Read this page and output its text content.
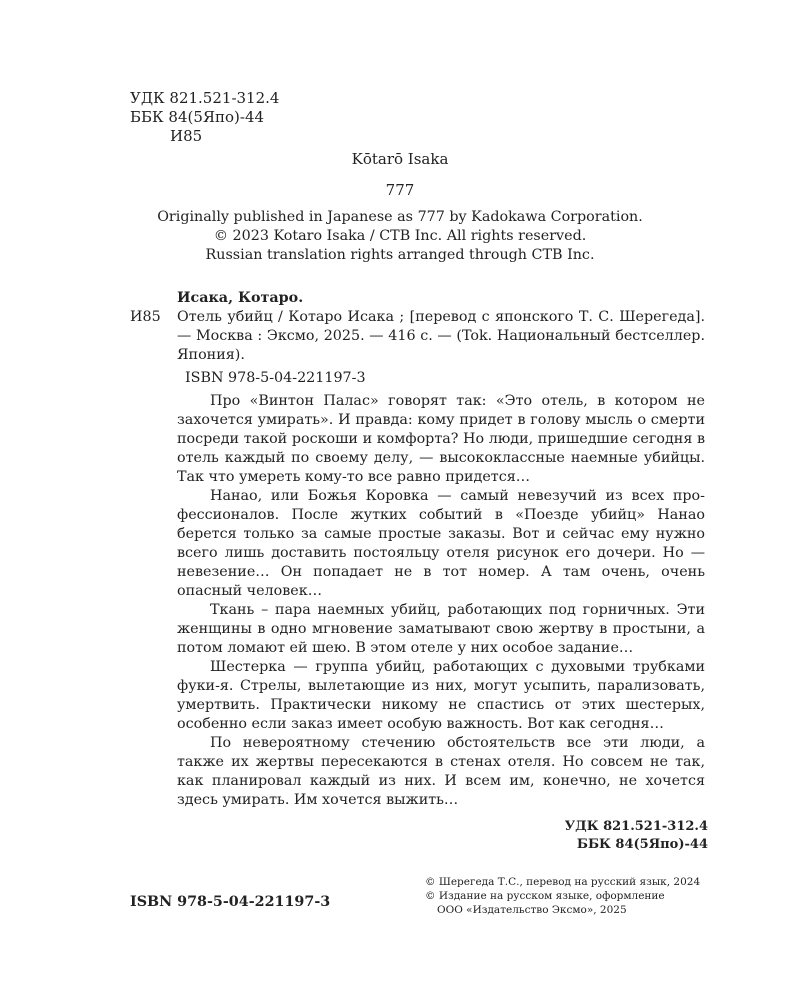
УДК 821.521-312.4
ББК 84(5Япо)-44
И85
Kōtarō Isaka
777
Originally published in Japanese as 777 by Kadokawa Corporation.
© 2023 Kotaro Isaka / CTB Inc. All rights reserved.
Russian translation rights arranged through CTB Inc.
И85
Исака, Котаро.

Отель убийц / Котаро Исака ; [перевод с японского Т. С. Шерегеда]. — Москва : Эксмо, 2025. — 416 с. — (Tok. Национальный бестселлер. Япония).

ISBN 978-5-04-221197-3

Про «Винтон Палас» говорят так: «Это отель, в котором не захочется умирать». И правда: кому придет в голову мысль о смерти посреди такой роскоши и комфорта? Но люди, пришедшие сегодня в отель каждый по своему делу, — высококлассные наемные убийцы. Так что умереть кому-то все равно придется…

Нанао, или Божья Коровка — самый невезучий из всех профессионалов. После жутких событий в «Поезде убийц» Нанао берется только за самые простые заказы. Вот и сейчас ему нужно всего лишь доставить постояльцу отеля рисунок его дочери. Но — невезение… Он попадает не в тот номер. А там очень, очень опасный человек…

Ткань – пара наемных убийц, работающих под горничных. Эти женщины в одно мгновение заматывают свою жертву в простыни, а потом ломают ей шею. В этом отеле у них особое задание…

Шестерка — группа убийц, работающих с духовыми трубками фуки-я. Стрелы, вылетающие из них, могут усыпить, парализовать, умертвить. Практически никому не спастись от этих шестерых, особенно если заказ имеет особую важность. Вот как сегодня…

По невероятному стечению обстоятельств все эти люди, а также их жертвы пересекаются в стенах отеля. Но совсем не так, как планировал каждый из них. И всем им, конечно, не хочется здесь умирать. Им хочется выжить…

УДК 821.521-312.4
ББК 84(5Япо)-44
ISBN 978-5-04-221197-3
© Шерегеда Т.С., перевод на русский язык, 2024
© Издание на русском языке, оформление
ООО «Издательство Эксмо», 2025
